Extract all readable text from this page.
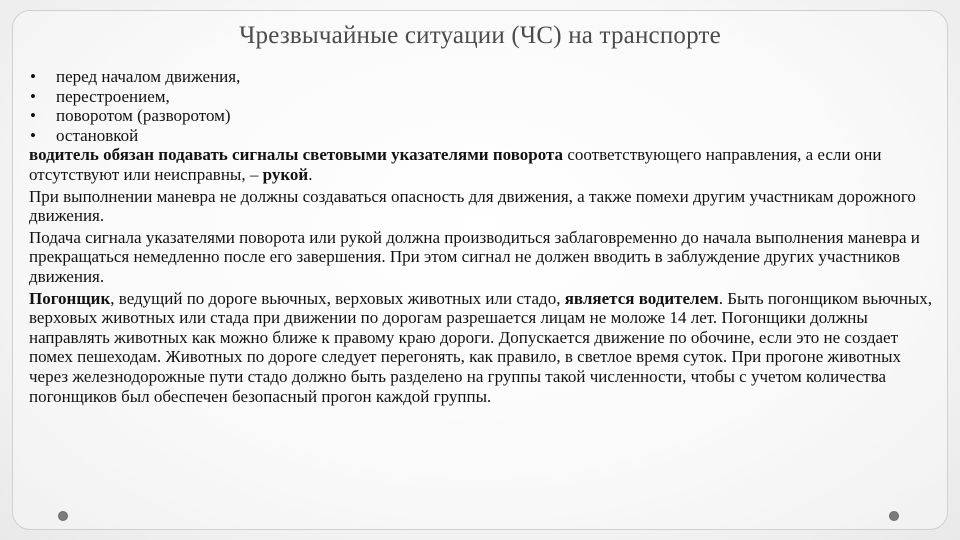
Чрезвычайные ситуации (ЧС) на транспорте
•	перед началом движения,
•	перестроением,
•	поворотом (разворотом)
•	остановкой

водитель обязан подавать сигналы световыми указателями поворота соответствующего направления, а если они отсутствуют или неисправны, – рукой.

При выполнении маневра не должны создаваться опасность для движения, а также помехи другим участникам дорожного движения.

Подача сигнала указателями поворота или рукой должна производиться заблаговременно до начала выполнения маневра и прекращаться немедленно после его завершения. При этом сигнал не должен вводить в заблуждение других участников движения.

Погонщик, ведущий по дороге вьючных, верховых животных или стадо, является водителем. Быть погонщиком вьючных, верховых животных или стада при движении по дорогам разрешается лицам не моложе 14 лет. Погонщики должны направлять животных как можно ближе к правому краю дороги. Допускается движение по обочине, если это не создает помех пешеходам. Животных по дороге следует перегонять, как правило, в светлое время суток. При прогоне животных через железнодорожные пути стадо должно быть разделено на группы такой численности, чтобы с учетом количества погонщиков был обеспечен безопасный прогон каждой группы.
